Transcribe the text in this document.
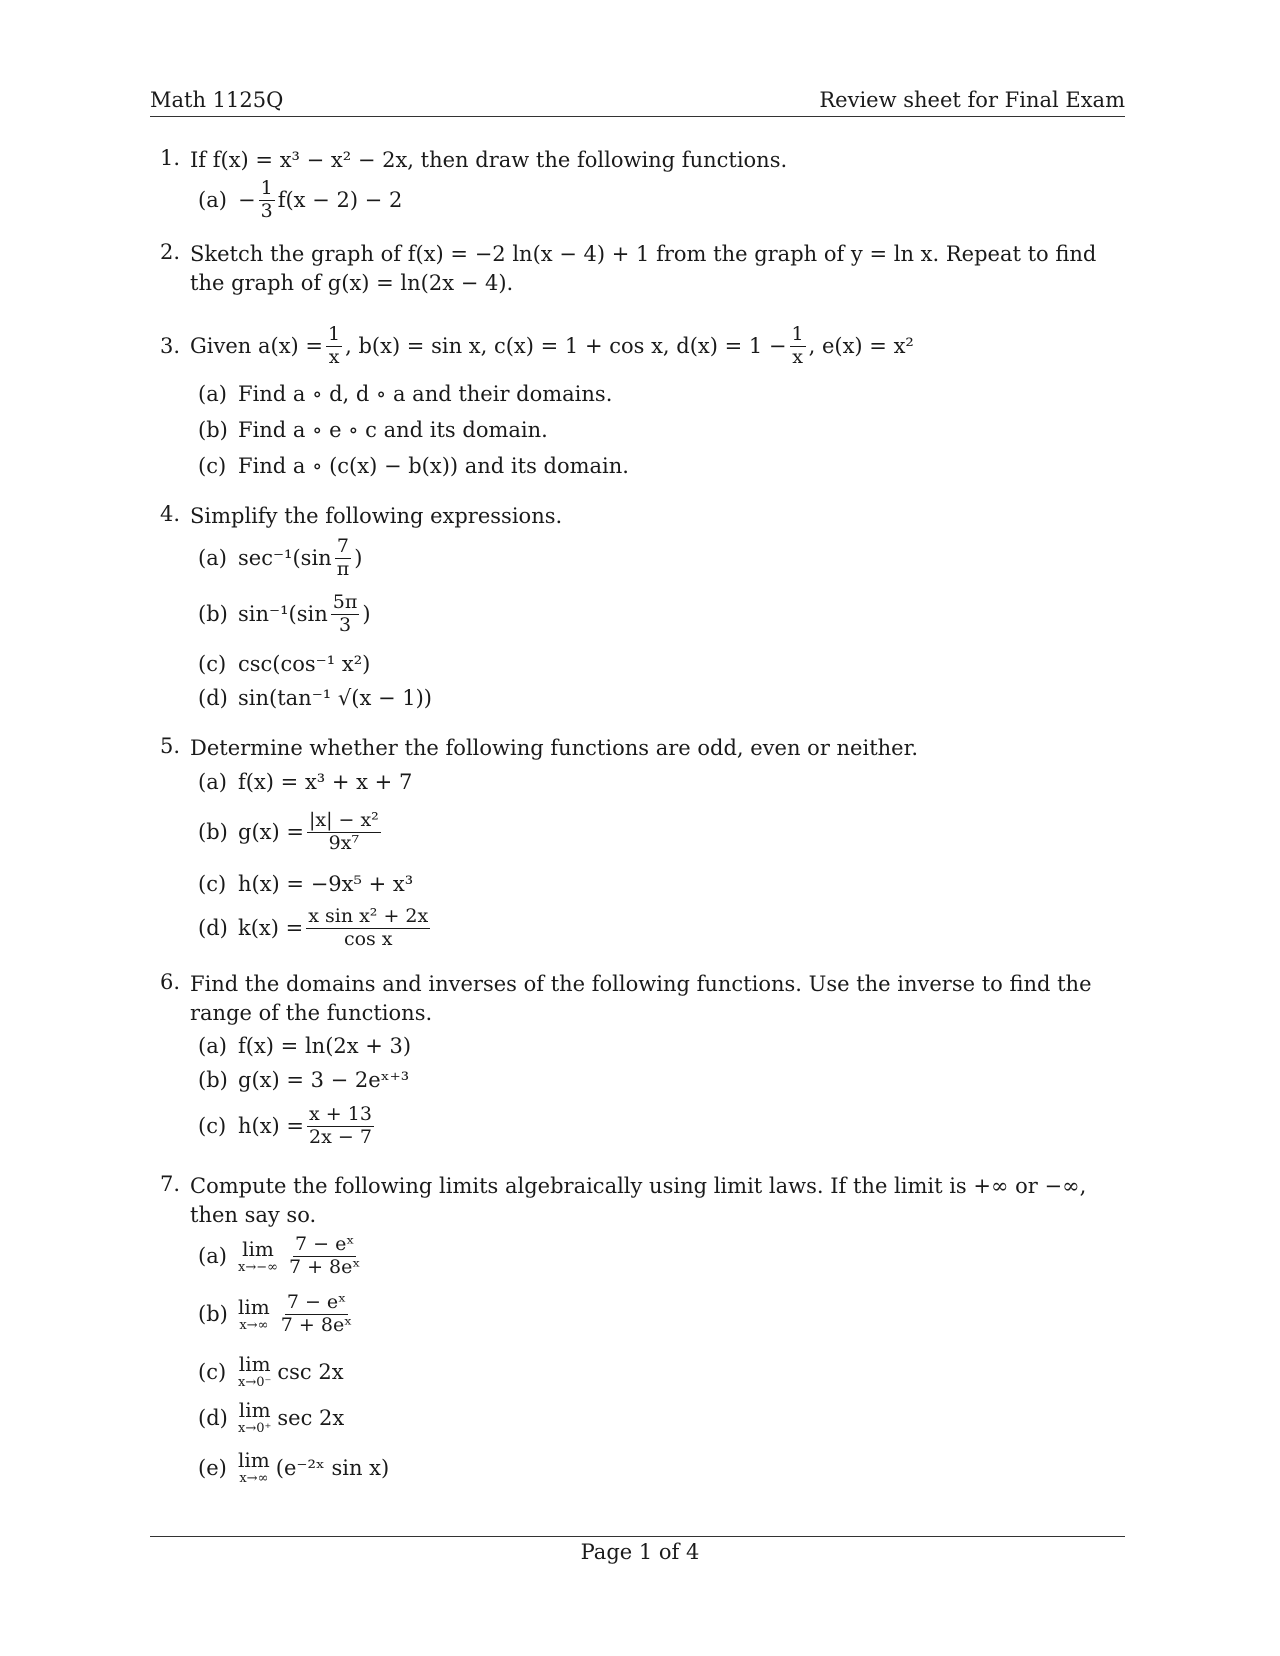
Math 1125Q	Review sheet for Final Exam
1. If f(x) = x³ − x² − 2x, then draw the following functions.
$(a) - \frac{1}{3} f(x - 2) - 2$
2. Sketch the graph of f(x) = −2 ln(x − 4) + 1 from the graph of y = ln x. Repeat to find the graph of g(x) = ln(2x − 4).
3. Given $a(x) = \frac{1}{x}$ , b(x) = sin x, c(x) = 1 + cos x, $d(x) = 1 - \frac{1}{x}$ , e(x) = x²
(a) Find a ∘ d, d ∘ a and their domains.
(b) Find a ∘ e ∘ c and its domain.
(c) Find a ∘ (c(x) − b(x)) and its domain.
4. Simplify the following expressions.
(a) $\sec^{-1}(\sin \frac{7}{\pi}$ )
(b) $\sin^{-1}(\sin \frac{5\pi}{3}$ )
(c) csc(cos⁻¹ x²)
(d) sin(tan⁻¹ √(x − 1))
5. Determine whether the following functions are odd, even or neither.
(a) f(x) = x³ + x + 7
(b) $g(x) = \frac{\text{|x| − x²}}{\text{9x⁷}}$
(c) h(x) = −9x⁵ + x³
(d) $k(x) = \frac{\text{x sin x² + 2x}}{\text{cos x}}$
6. Find the domains and inverses of the following functions. Use the inverse to find the range of the functions.
(a) f(x) = ln(2x + 3)
(b) g(x) = 3 − 2eˣ⁺³
(c) $h(x) = \frac{x + 13}{2x - 7}$
7. Compute the following limits algebraically using limit laws. If the limit is +∞ or −∞, then say so.
(a) lim
$x\to-\infty \frac{\text{7 − eˣ}}{\text{7 + 8eˣ}}$
(b) lim
$x\to\infty \frac{\text{7 − eˣ}}{\text{7 + 8eˣ}}$
(c) lim
x→0⁻ csc 2x
(d) lim
x→0⁺ sec 2x
(e) lim
x→∞ (e⁻²ˣ sin x)
Page 1 of 4
